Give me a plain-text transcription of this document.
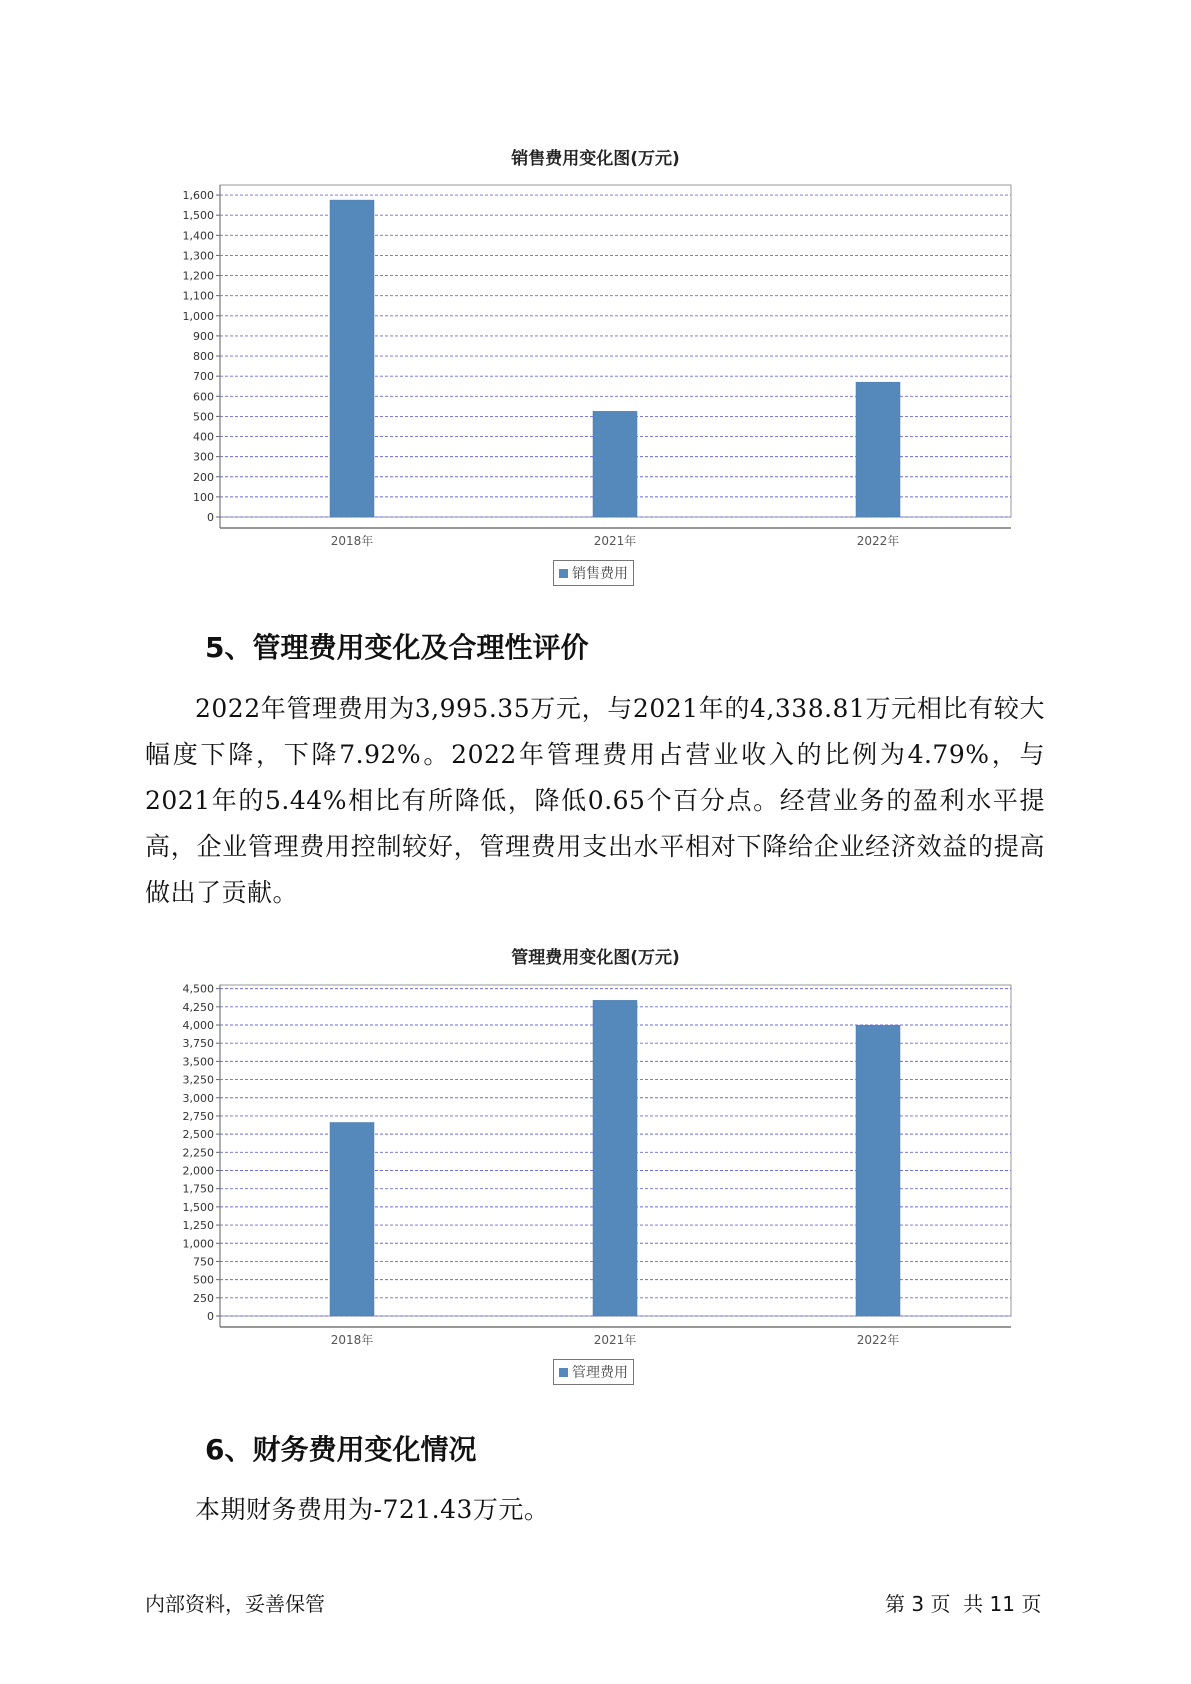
销售费用变化图(万元)
0
100
200
300
400
500
600
700
800
900
1,000
1,100
1,200
1,300
1,400
1,500
1,600
2018年	2021年	2022年
销售费用
5、管理费用变化及合理性评价

2022年管理费用为3,995.35万元，与2021年的4,338.81万元相比有较大幅度下降，下降7.92%。2022年管理费用占营业收入的比例为4.79%，与2021年的5.44%相比有所降低，降低0.65个百分点。经营业务的盈利水平提高，企业管理费用控制较好，管理费用支出水平相对下降给企业经济效益的提高做出了贡献。

管理费用变化图(万元)
0
250
500
750
1,000
1,250
1,500
1,750
2,000
2,250
2,500
2,750
3,000
3,250
3,500
3,750
4,000
4,250
4,500
2018年	2021年	2022年
管理费用
6、财务费用变化情况

本期财务费用为-721.43万元。

内部资料，妥善保管	第 3 页  共 11 页
